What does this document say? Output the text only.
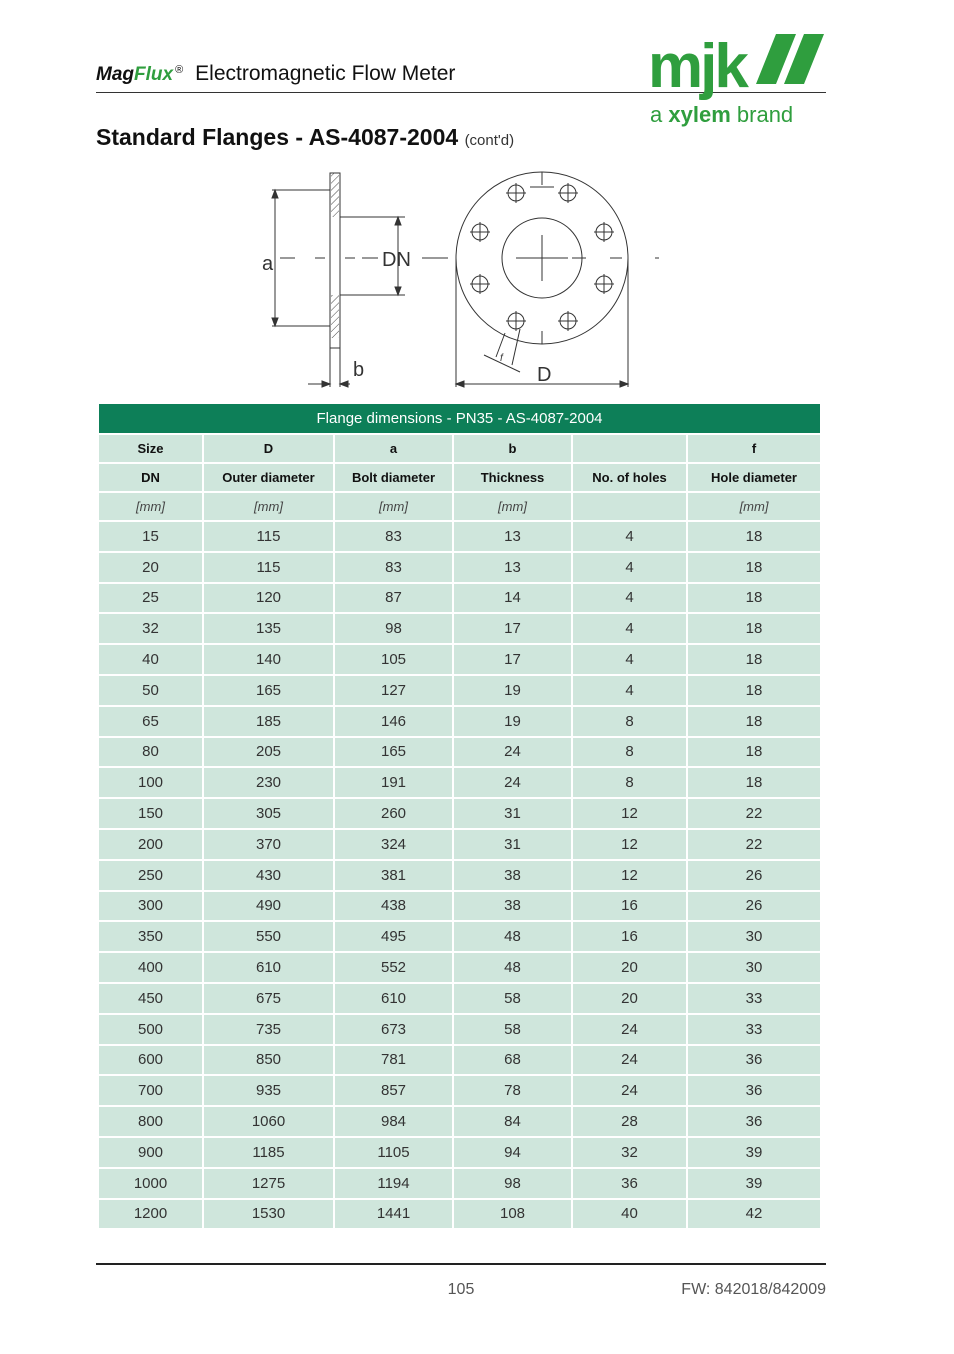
Mag Flux ® Electromagnetic Flow Meter	mjk
a xylem brand
Standard Flanges - AS-4087-2004 (cont'd)
a	DN
b
f
D
Flange dimensions - PN35 - AS-4087-2004					
Size	D	a	b		f
DN	Outer diameter	Bolt diameter	Thickness	No. of holes	Hole diameter
[mm]	[mm]	[mm]	[mm]		[mm]
15	115	83	13	4	18
20	115	83	13	4	18
25	120	87	14	4	18
32	135	98	17	4	18
40	140	105	17	4	18
50	165	127	19	4	18
65	185	146	19	8	18
80	205	165	24	8	18
100	230	191	24	8	18
150	305	260	31	12	22
200	370	324	31	12	22
250	430	381	38	12	26
300	490	438	38	16	26
350	550	495	48	16	30
400	610	552	48	20	30
450	675	610	58	20	33
500	735	673	58	24	33
600	850	781	68	24	36
700	935	857	78	24	36
800	1060	984	84	28	36
900	1185	1105	94	32	39
1000	1275	1194	98	36	39
1200	1530	1441	108	40	42
105	FW: 842018/842009
